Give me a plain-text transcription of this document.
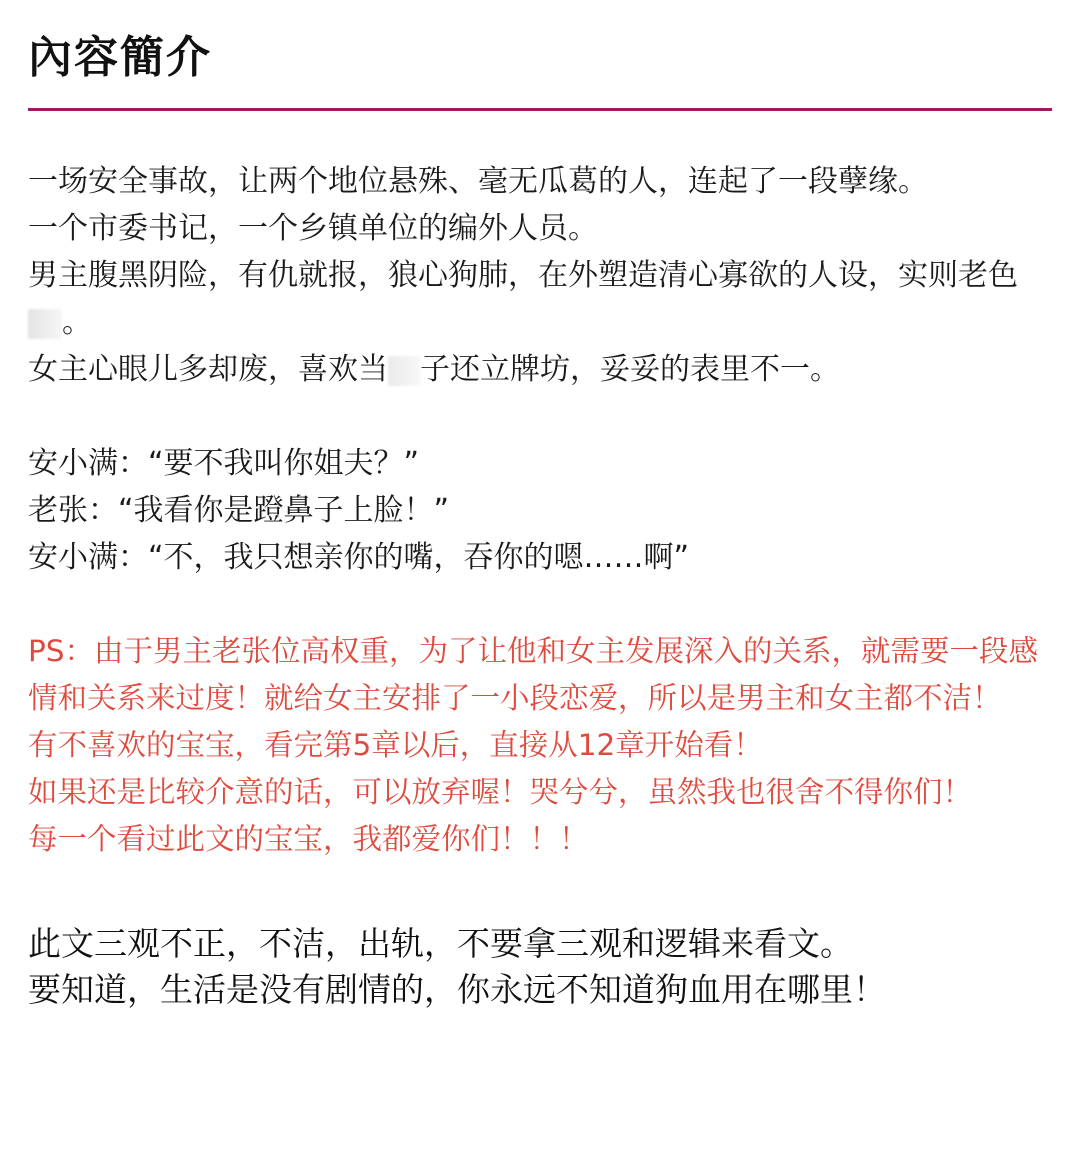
內容簡介

一场安全事故，让两个地位悬殊、毫无瓜葛的人，连起了一段孽缘。

一个市委书记，一个乡镇单位的编外人员。

男主腹黑阴险，有仇就报，狼心狗肺，在外塑造清心寡欲的人设，实则老色。

女主心眼儿多却废，喜欢当 子还立牌坊，妥妥的表里不一。

安小满：“要不我叫你姐夫？”

老张：“我看你是蹬鼻子上脸！”

安小满：“不，我只想亲你的嘴，吞你的嗯……啊”

PS：由于男主老张位高权重，为了让他和女主发展深入的关系，就需要一段感情和关系来过度！就给女主安排了一小段恋爱，所以是男主和女主都不洁！

有不喜欢的宝宝，看完第5章以后，直接从12章开始看！

如果还是比较介意的话，可以放弃喔！哭兮兮，虽然我也很舍不得你们！

每一个看过此文的宝宝，我都爱你们！！！

此文三观不正，不洁，出轨，不要拿三观和逻辑来看文。

要知道，生活是没有剧情的，你永远不知道狗血用在哪里！
